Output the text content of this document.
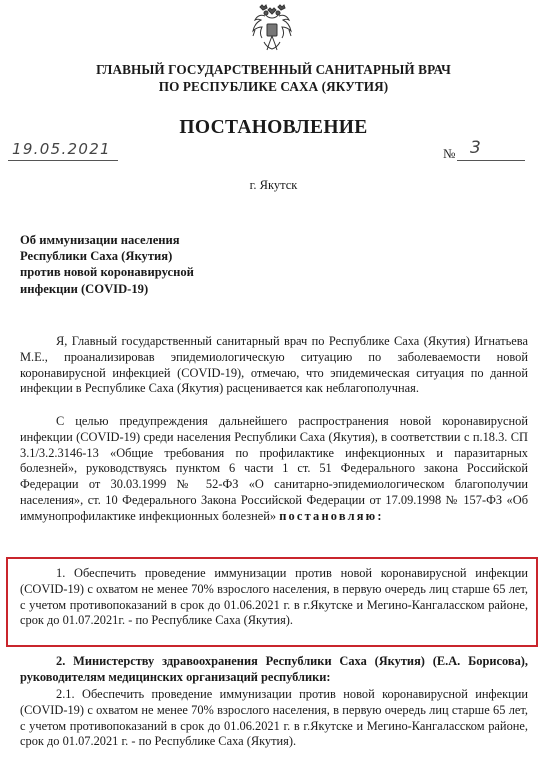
ГЛАВНЫЙ ГОСУДАРСТВЕННЫЙ САНИТАРНЫЙ ВРАЧ
ПО РЕСПУБЛИКЕ САХА (ЯКУТИЯ)
ПОСТАНОВЛЕНИЕ
19.05.2021	№ 3
г. Якутск
Об иммунизации населения
Республики Саха (Якутия)
против новой коронавирусной
инфекции (COVID-19)
Я, Главный государственный санитарный врач по Республике Саха (Якутия) Игнатьева М.Е., проанализировав эпидемиологическую ситуацию по заболеваемости новой коронавирусной инфекцией (COVID-19), отмечаю, что эпидемическая ситуация по данной инфекции в Республике Саха (Якутия) расценивается как неблагополучная.
С целью предупреждения дальнейшего распространения новой коронавирусной инфекции (COVID-19) среди населения Республики Саха (Якутия), в соответствии с п.18.3. СП 3.1/3.2.3146-13 «Общие требования по профилактике инфекционных и паразитарных болезней», руководствуясь пунктом 6 части 1 ст. 51 Федерального закона Российской Федерации от 30.03.1999 № 52-ФЗ «О санитарно-эпидемиологическом благополучии населения», ст. 10 Федерального Закона Российской Федерации от 17.09.1998 № 157-ФЗ «Об иммунопрофилактике инфекционных болезней» постановляю:
1. Обеспечить проведение иммунизации против новой коронавирусной инфекции (COVID-19) с охватом не менее 70% взрослого населения, в первую очередь лиц старше 65 лет, с учетом противопоказаний в срок до 01.06.2021 г. в г.Якутске и Мегино-Кангаласском районе, срок до 01.07.2021г. - по Республике Саха (Якутия).
2. Министерству здравоохранения Республики Саха (Якутия) (Е.А. Борисова), руководителям медицинских организаций республики:
2.1. Обеспечить проведение иммунизации против новой коронавирусной инфекции (COVID-19) с охватом не менее 70% взрослого населения, в первую очередь лиц старше 65 лет, с учетом противопоказаний в срок до 01.06.2021 г. в г.Якутске и Мегино-Кангаласском районе, срок до 01.07.2021 г. - по Республике Саха (Якутия).
